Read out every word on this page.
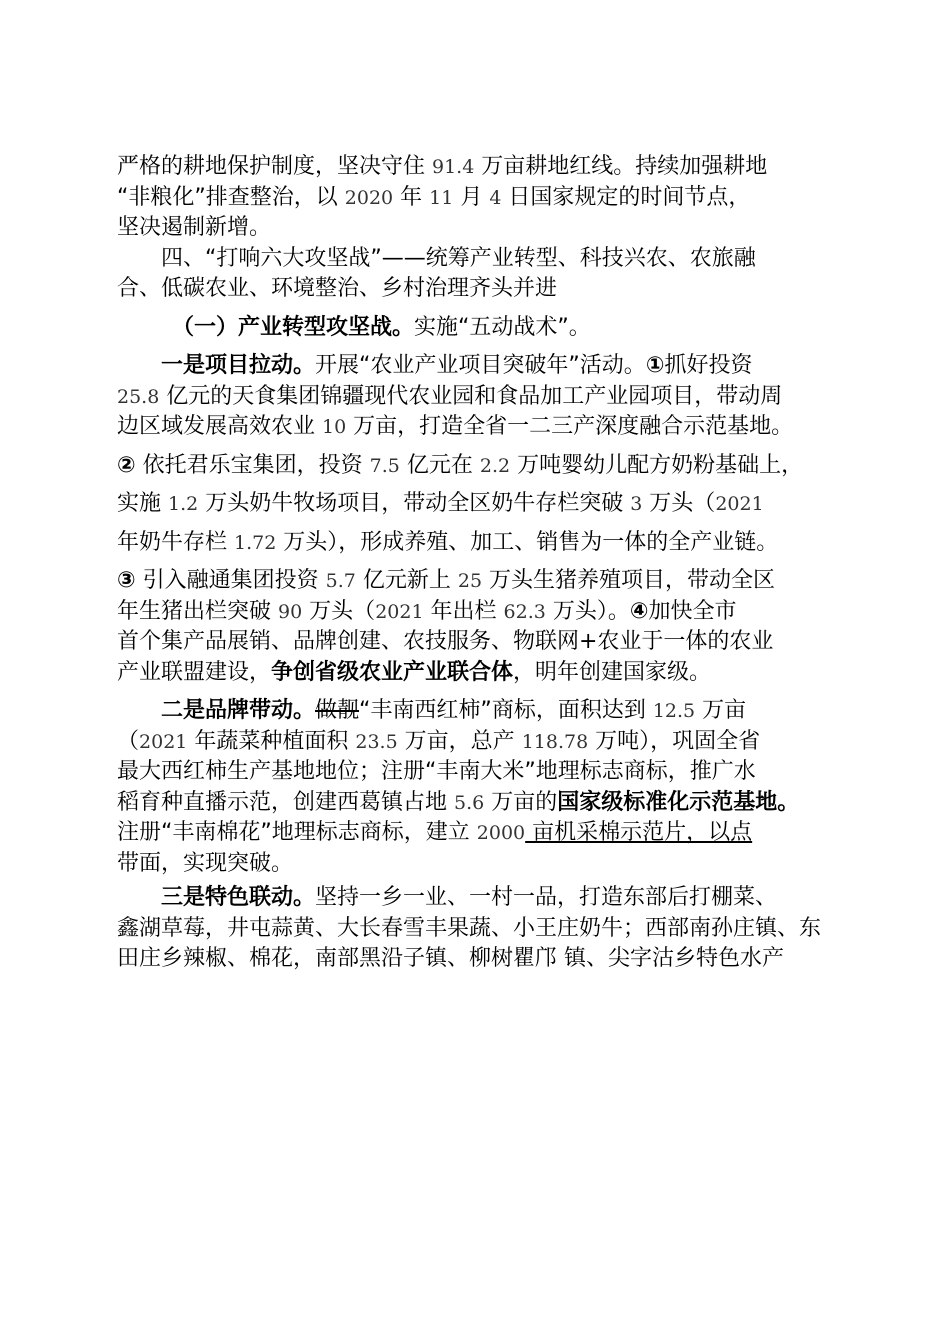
严格的耕地保护制度，坚决守住 91.4 万亩耕地红线。持续加强耕地
“非粮化”排查整治，以 2020 年 11 月 4 日国家规定的时间节点，
坚决遏制新增。
四、“打响六大攻坚战”——统筹产业转型、科技兴农、农旅融
合、低碳农业、环境整治、乡村治理齐头并进
（一）产业转型攻坚战。实施“五动战术”。
一是项目拉动。开展“农业产业项目突破年”活动。①抓好投资
25.8 亿元的天食集团锦疆现代农业园和食品加工产业园项目，带动周
边区域发展高效农业 10 万亩，打造全省一二三产深度融合示范基地。
② 依托君乐宝集团，投资 7.5 亿元在 2.2 万吨婴幼儿配方奶粉基础上，
实施 1.2 万头奶牛牧场项目，带动全区奶牛存栏突破 3 万头（2021
年奶牛存栏 1.72 万头），形成养殖、加工、销售为一体的全产业链。
③ 引入融通集团投资 5.7 亿元新上 25 万头生猪养殖项目，带动全区
年生猪出栏突破 90 万头（2021 年出栏 62.3 万头）。④加快全市
首个集产品展销、品牌创建、农技服务、物联网+农业于一体的农业
产业联盟建设，争创省级农业产业联合体，明年创建国家级。
二是品牌带动。做靓“丰南西红柿”商标，面积达到 12.5 万亩
（2021 年蔬菜种植面积 23.5 万亩，总产 118.78 万吨），巩固全省
最大西红柿生产基地地位；注册“丰南大米”地理标志商标，推广水
稻育种直播示范，创建西葛镇占地 5.6 万亩的国家级标准化示范基地。
注册“丰南棉花”地理标志商标，建立 2000 亩机采棉示范片，以点
带面，实现突破。
三是特色联动。坚持一乡一业、一村一品，打造东部后打棚菜、
鑫湖草莓，井屯蒜黄、大长春雪丰果蔬、小王庄奶牛；西部南孙庄镇、东
田庄乡辣椒、棉花，南部黑沿子镇、柳树瞿邝 镇、尖字沽乡特色水产
